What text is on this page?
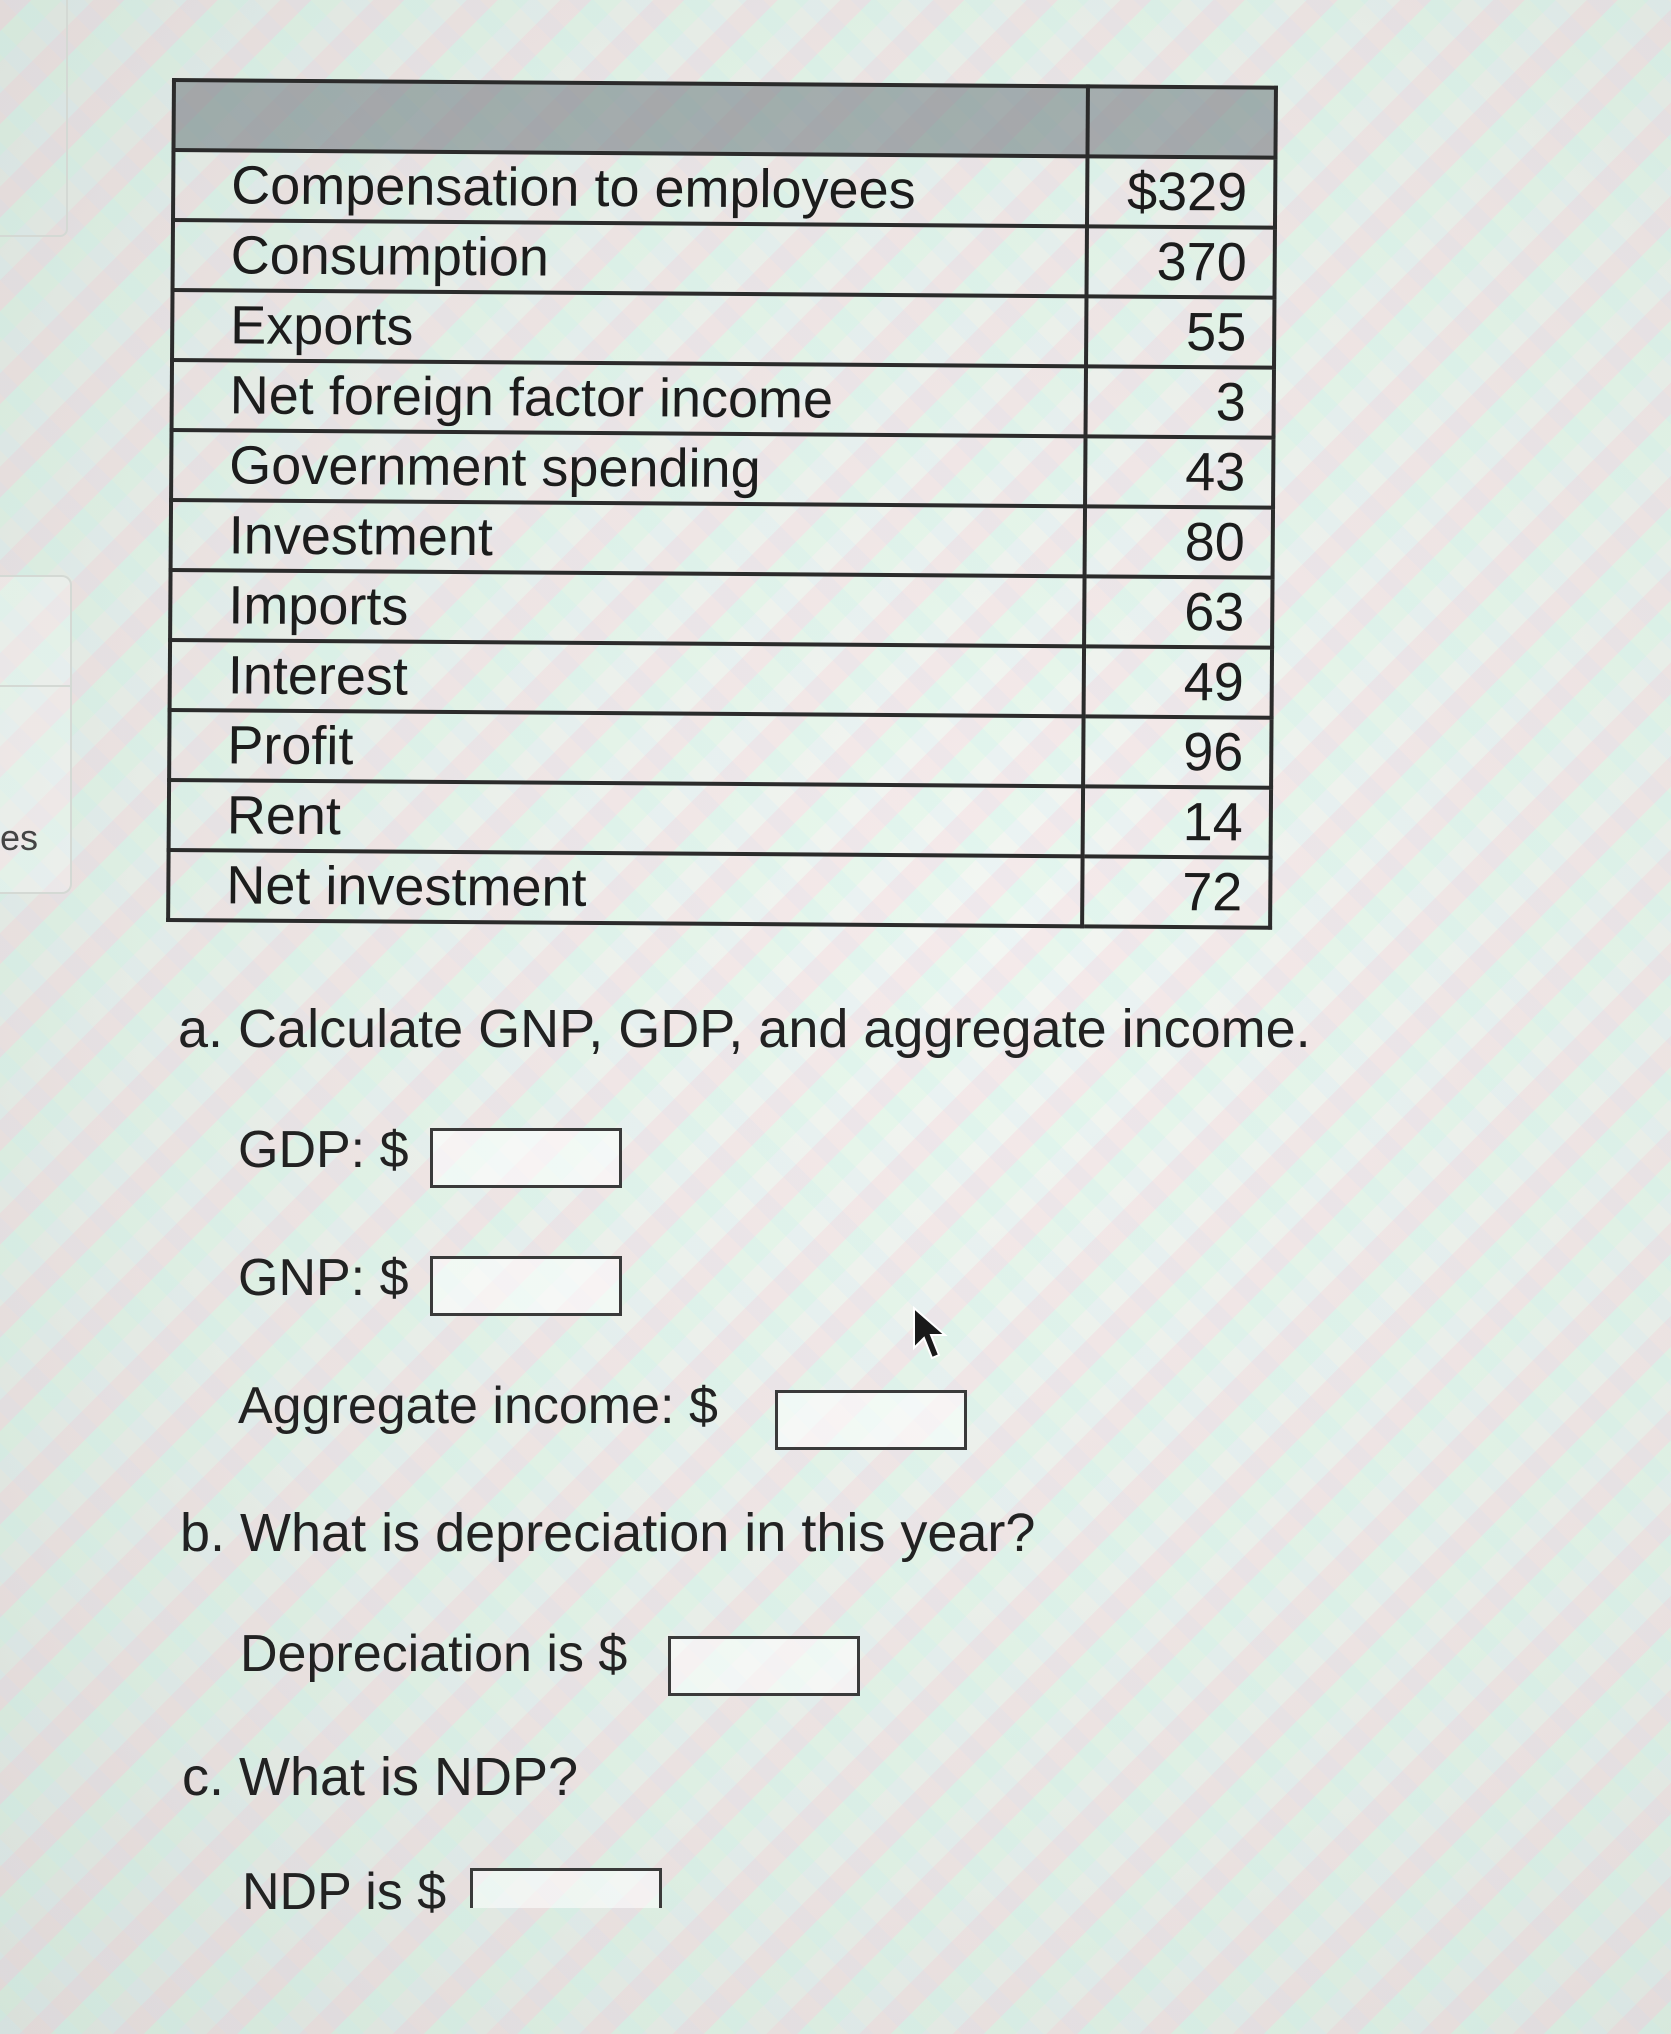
es

Compensation to employees	$329
Consumption	370
Exports	55
Net foreign factor income	3
Government spending	43
Investment	80
Imports	63
Interest	49
Profit	96
Rent	14
Net investment	72
a. Calculate GNP, GDP, and aggregate income.
GDP: $
GNP: $
Aggregate income: $
b. What is depreciation in this year?
Depreciation is $
c. What is NDP?
NDP is $
